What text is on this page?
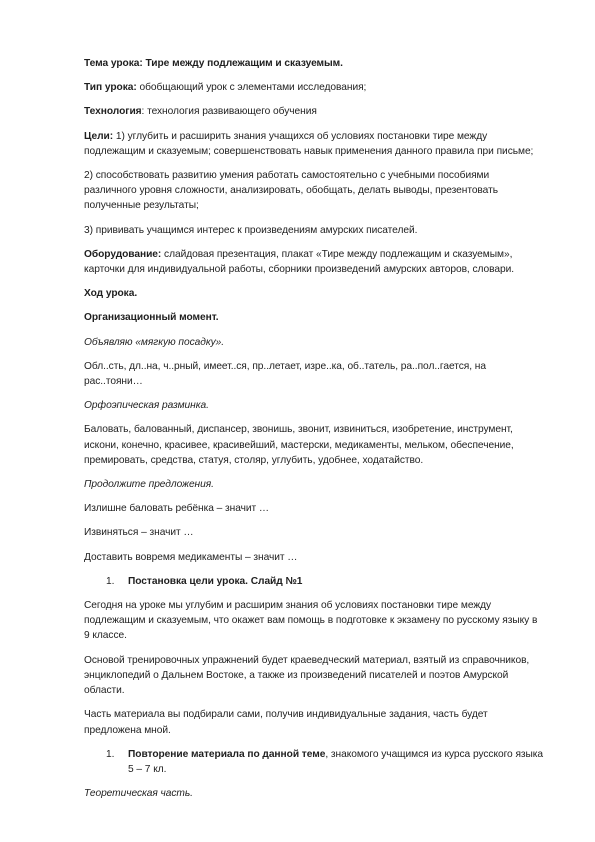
Тема урока: Тире между подлежащим и сказуемым.

Тип урока: обобщающий урок с элементами исследования;

Технология: технология развивающего обучения

Цели: 1) углубить и расширить знания учащихся об условиях постановки тире между подлежащим и сказуемым; совершенствовать навык применения данного правила при письме;

2) способствовать развитию умения работать самостоятельно с учебными пособиями различного уровня сложности, анализировать, обобщать, делать выводы, презентовать полученные результаты;

3) прививать учащимся интерес к произведениям амурских писателей.

Оборудование: слайдовая презентация, плакат «Тире между подлежащим и сказуемым», карточки для индивидуальной работы, сборники произведений амурских авторов, словари.

Ход урока.

Организационный момент.

Объявляю «мягкую посадку».

Обл..сть, дл..на, ч..рный, имеет..ся, пр..летает, изре..ка, об..татель, ра..пол..гается, на рас..тояни…

Орфоэпическая разминка.

Баловать, балованный, диспансер, звонишь, звонит, извиниться, изобретение, инструмент, искони, конечно, красивее, красивейший, мастерски, медикаменты, мельком, обеспечение, премировать, средства, статуя, столяр, углубить, удобнее, ходатайство.

Продолжите предложения.

Излишне баловать ребёнка – значит …

Извиняться – значит …

Доставить вовремя медикаменты – значит …

1.	Постановка цели урока. Слайд №1

Сегодня на уроке мы углубим и расширим знания об условиях постановки тире между подлежащим и сказуемым, что окажет вам помощь в подготовке к экзамену по русскому языку в 9 классе.

Основой тренировочных упражнений будет краеведческий материал, взятый из справочников, энциклопедий о Дальнем Востоке, а также из произведений писателей и поэтов Амурской области.

Часть материала вы подбирали сами, получив индивидуальные задания, часть будет предложена мной.

1.	Повторение материала по данной теме, знакомого учащимся из курса русского языка 5 – 7 кл.

Теоретическая часть.
